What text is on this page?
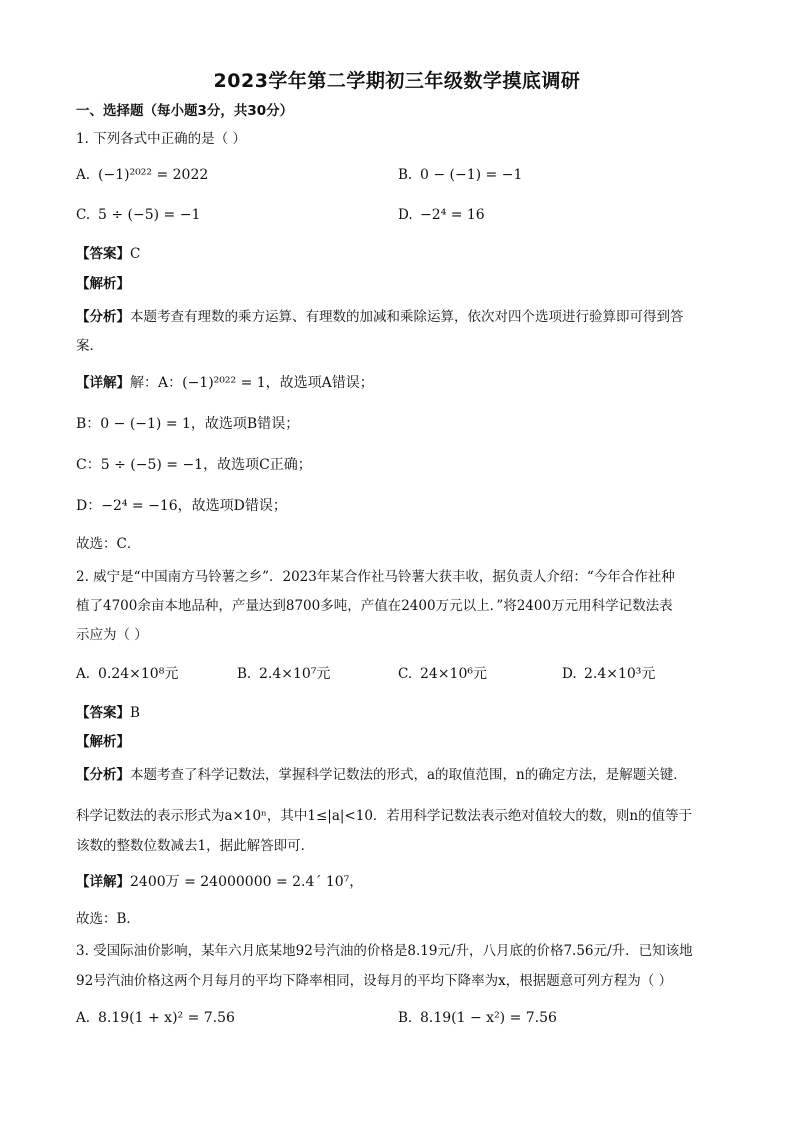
2023学年第二学期初三年级数学摸底调研
一、选择题（每小题3分，共30分）
1. 下列各式中正确的是（ ）
A. (−1)²⁰²² = 2022	B. 0 − (−1) = −1
C. 5 ÷ (−5) = −1	D. −2⁴ = 16
【答案】C
【解析】
【分析】本题考查有理数的乘方运算、有理数的加减和乘除运算，依次对四个选项进行验算即可得到答
案．
【详解】解：A：(−1)²⁰²² = 1，故选项A错误；
B：0 − (−1) = 1，故选项B错误；
C：5 ÷ (−5) = −1，故选项C正确；
D：−2⁴ = −16，故选项D错误；
故选：C．
2. 威宁是“中国南方马铃薯之乡”．2023年某合作社马铃薯大获丰收，据负责人介绍：“今年合作社种
植了4700余亩本地品种，产量达到8700多吨，产值在2400万元以上．”将2400万元用科学记数法表
示应为（ ）
A. 0.24×10⁸元	B. 2.4×10⁷元	C. 24×10⁶元	D. 2.4×10³元
【答案】B
【解析】
【分析】本题考查了科学记数法，掌握科学记数法的形式，a的取值范围，n的确定方法，是解题关键．
科学记数法的表示形式为a×10ⁿ，其中1≤|a|<10．若用科学记数法表示绝对值较大的数，则n的值等于
该数的整数位数减去1，据此解答即可．
【详解】2400万 = 24000000 = 2.4´ 10⁷，
故选：B．
3. 受国际油价影响，某年六月底某地92号汽油的价格是8.19元/升，八月底的价格7.56元/升．已知该地
92号汽油价格这两个月每月的平均下降率相同，设每月的平均下降率为x，根据题意可列方程为（ ）
A. 8.19(1 + x)² = 7.56	B. 8.19(1 − x²) = 7.56
